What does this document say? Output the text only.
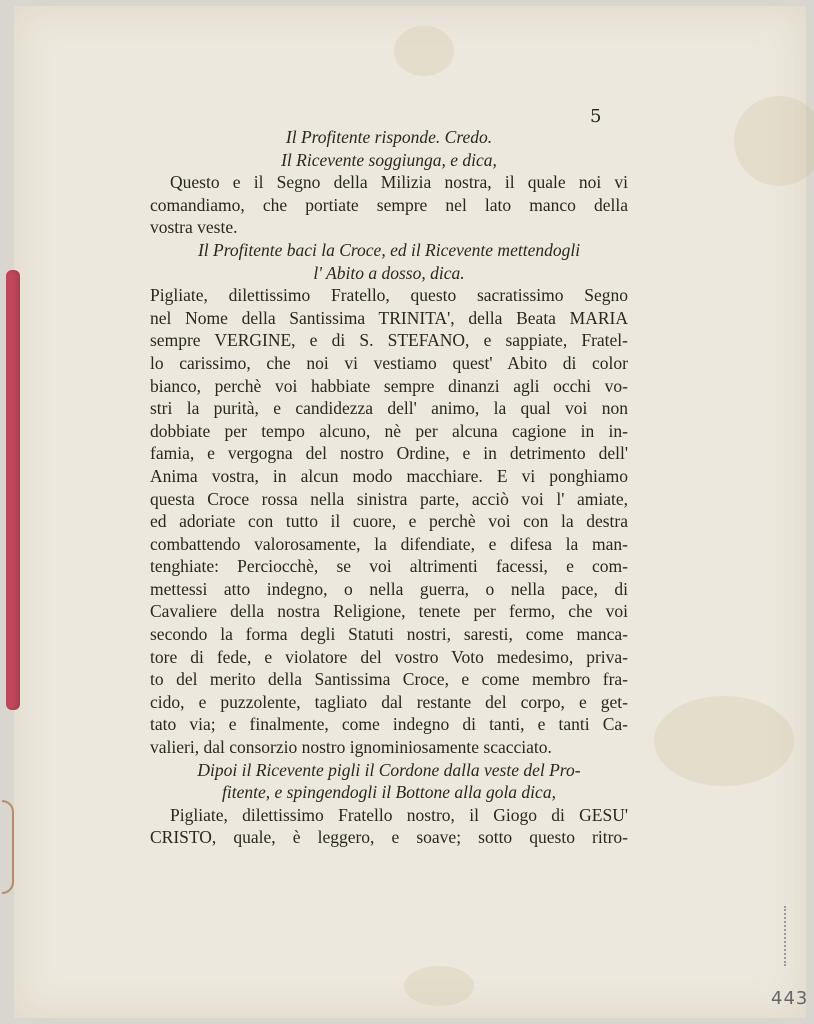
5
Il Profitente risponde. Credo.
Il Ricevente soggiunga, e dica,
Questo e il Segno della Milizia nostra, il quale noi vi
comandiamo, che portiate sempre nel lato manco della
vostra veste.
Il Profitente baci la Croce, ed il Ricevente mettendogli
l' Abito a dosso, dica.
Pigliate, dilettissimo Fratello, questo sacratissimo Segno
nel Nome della Santissima TRINITA', della Beata MARIA
sempre VERGINE, e di S. STEFANO, e sappiate, Fratel-
lo carissimo, che noi vi vestiamo quest' Abito di color
bianco, perchè voi habbiate sempre dinanzi agli occhi vo-
stri la purità, e candidezza dell' animo, la qual voi non
dobbiate per tempo alcuno, nè per alcuna cagione in in-
famia, e vergogna del nostro Ordine, e in detrimento dell'
Anima vostra, in alcun modo macchiare. E vi ponghiamo
questa Croce rossa nella sinistra parte, acciò voi l' amiate,
ed adoriate con tutto il cuore, e perchè voi con la destra
combattendo valorosamente, la difendiate, e difesa la man-
tenghiate: Perciocchè, se voi altrimenti facessi, e com-
mettessi atto indegno, o nella guerra, o nella pace, di
Cavaliere della nostra Religione, tenete per fermo, che voi
secondo la forma degli Statuti nostri, saresti, come manca-
tore di fede, e violatore del vostro Voto medesimo, priva-
to del merito della Santissima Croce, e come membro fra-
cido, e puzzolente, tagliato dal restante del corpo, e get-
tato via; e finalmente, come indegno di tanti, e tanti Ca-
valieri, dal consorzio nostro ignominiosamente scacciato.
Dipoi il Ricevente pigli il Cordone dalla veste del Pro-
fitente, e spingendogli il Bottone alla gola dica,
Pigliate, dilettissimo Fratello nostro, il Giogo di GESU'
CRISTO, quale, è leggero, e soave; sotto questo ritro-
443
